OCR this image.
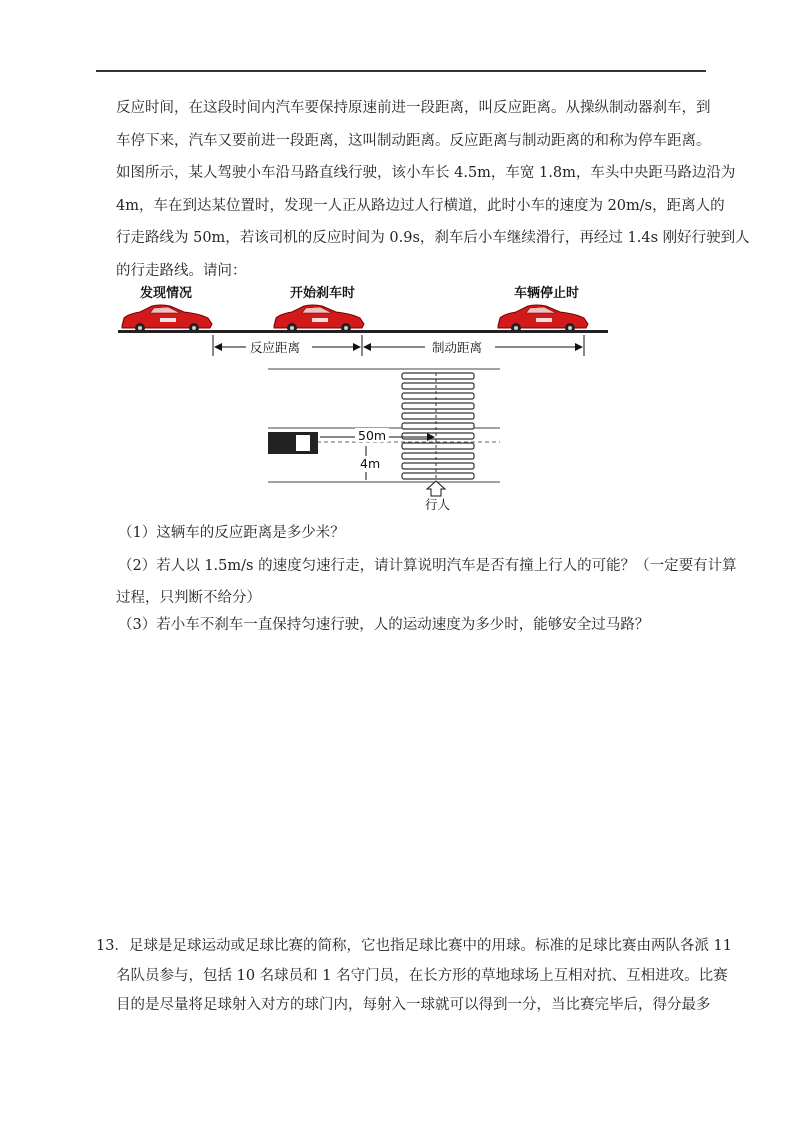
反应时间，在这段时间内汽车要保持原速前进一段距离，叫反应距离。从操纵制动器刹车，到
车停下来，汽车又要前进一段距离，这叫制动距离。反应距离与制动距离的和称为停车距离。
如图所示，某人驾驶小车沿马路直线行驶，该小车长 4.5m，车宽 1.8m，车头中央距马路边沿为
4m，车在到达某位置时，发现一人正从路边过人行横道，此时小车的速度为 20m/s，距离人的
行走路线为 50m，若该司机的反应时间为 0.9s，刹车后小车继续滑行，再经过 1.4s 刚好行驶到人
的行走路线。请问：
发现情况	开始刹车时	车辆停止时
反应距离	制动距离
50m
4m
行人

（1）这辆车的反应距离是多少米？

（2）若人以 1.5m/s 的速度匀速行走，请计算说明汽车是否有撞上行人的可能？（一定要有计算

过程，只判断不给分）

（3）若小车不刹车一直保持匀速行驶，人的运动速度为多少时，能够安全过马路？

13．足球是足球运动或足球比赛的简称，它也指足球比赛中的用球。标准的足球比赛由两队各派 11
名队员参与，包括 10 名球员和 1 名守门员，在长方形的草地球场上互相对抗、互相进攻。比赛
目的是尽量将足球射入对方的球门内，每射入一球就可以得到一分，当比赛完毕后，得分最多
